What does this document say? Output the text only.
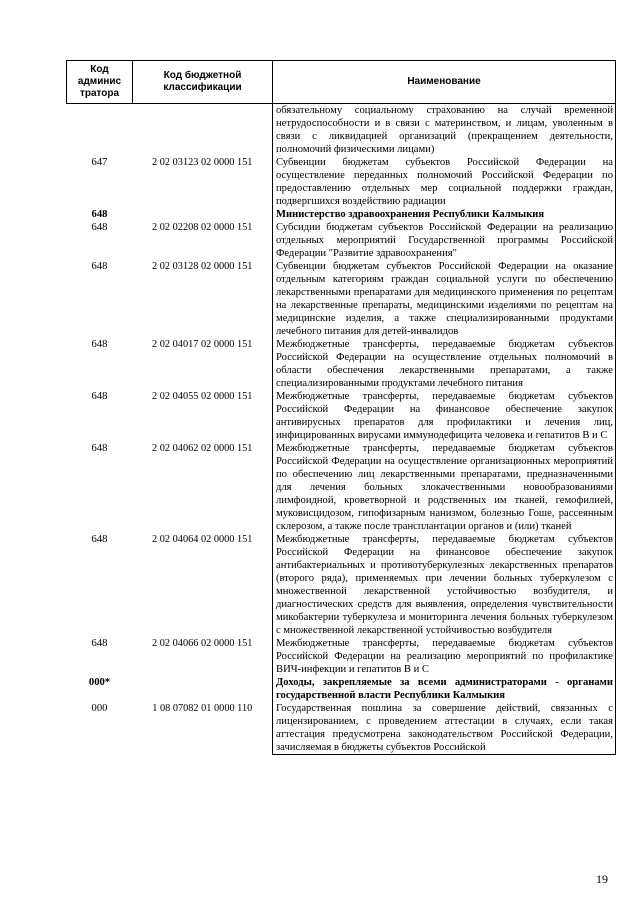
Код админис тратора	Код бюджетной классификации	Наименование
		обязательному социальному страхованию на случай временной нетрудоспособности и в связи с материнством, и лицам, уволенным в связи с ликвидацией организаций (прекращением деятельности, полномочий физическими лицами)
647	2 02 03123 02 0000 151	Субвенции бюджетам субъектов Российской Федерации на осуществление переданных полномочий Российской Федерации по предоставлению отдельных мер социальной поддержки граждан, подвергшихся воздействию радиации
648		Министерство здравоохранения Республики Калмыкия
648	2 02 02208 02 0000 151	Субсидии бюджетам субъектов Российской Федерации на реализацию отдельных мероприятий Государственной программы Российской Федерации "Развитие здравоохранения"
648	2 02 03128 02 0000 151	Субвенции бюджетам субъектов Российской Федерации на оказание отдельным категориям граждан социальной услуги по обеспечению лекарственными препаратами для медицинского применения по рецептам на лекарственные препараты, медицинскими изделиями по рецептам на медицинские изделия, а также специализированными продуктами лечебного питания для детей-инвалидов
648	2 02 04017 02 0000 151	Межбюджетные трансферты, передаваемые бюджетам субъектов Российской Федерации на осуществление отдельных полномочий в области обеспечения лекарственными препаратами, а также специализированными продуктами лечебного питания
648	2 02 04055 02 0000 151	Межбюджетные трансферты, передаваемые бюджетам субъектов Российской Федерации на финансовое обеспечение закупок антивирусных препаратов для профилактики и лечения лиц, инфицированных вирусами иммунодефицита человека и гепатитов B и C
648	2 02 04062 02 0000 151	Межбюджетные трансферты, передаваемые бюджетам субъектов Российской Федерации на осуществление организационных мероприятий по обеспечению лиц лекарственными препаратами, предназначенными для лечения больных злокачественными новообразованиями лимфоидной, кроветворной и родственных им тканей, гемофилией, муковисцидозом, гипофизарным нанизмом, болезнью Гоше, рассеянным склерозом, а также после трансплантации органов и (или) тканей
648	2 02 04064 02 0000 151	Межбюджетные трансферты, передаваемые бюджетам субъектов Российской Федерации на финансовое обеспечение закупок антибактериальных и противотуберкулезных лекарственных препаратов (второго ряда), применяемых при лечении больных туберкулезом с множественной лекарственной устойчивостью возбудителя, и диагностических средств для выявления, определения чувствительности микобактерии туберкулеза и мониторинга лечения больных туберкулезом с множественной лекарственной устойчивостью возбудителя
648	2 02 04066 02 0000 151	Межбюджетные трансферты, передаваемые бюджетам субъектов Российской Федерации на реализацию мероприятий по профилактике ВИЧ-инфекции и гепатитов B и C
000*		Доходы, закрепляемые за всеми администраторами - органами государственной власти Республики Калмыкия
000	1 08 07082 01 0000 110	Государственная пошлина за совершение действий, связанных с лицензированием, с проведением аттестации в случаях, если такая аттестация предусмотрена законодательством Российской Федерации, зачисляемая в бюджеты субъектов Российской
19
